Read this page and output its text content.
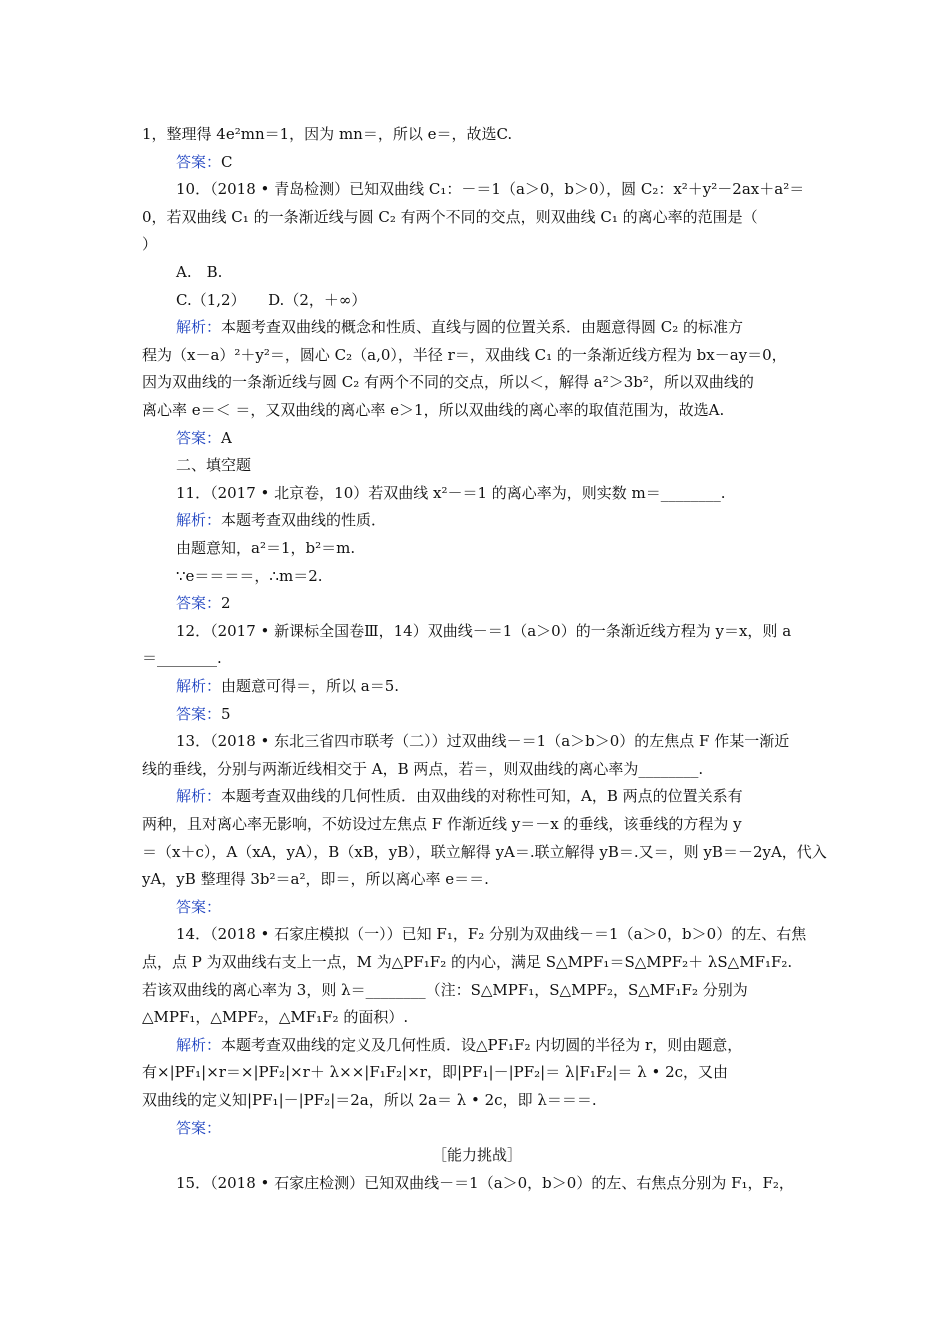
1，整理得 4e²mn＝1，因为 mn＝，所以 e＝，故选C.
答案：C
10．（2018 • 青岛检测）已知双曲线 C₁：－＝1（a＞0，b＞0），圆 C₂：x²＋y²－2ax＋a²＝
0，若双曲线 C₁ 的一条渐近线与圆 C₂ 有两个不同的交点，则双曲线 C₁ 的离心率的范围是（
）
A.　B.
C.（1,2）　　D.（2，＋∞）
解析：本题考查双曲线的概念和性质、直线与圆的位置关系．由题意得圆 C₂ 的标准方
程为（x－a）²＋y²＝，圆心 C₂（a,0），半径 r＝，双曲线 C₁ 的一条渐近线方程为 bx－ay＝0，
因为双曲线的一条渐近线与圆 C₂ 有两个不同的交点，所以＜，解得 a²＞3b²，所以双曲线的
离心率 e＝＜ ＝，又双曲线的离心率 e＞1，所以双曲线的离心率的取值范围为，故选A.
答案：A
二、填空题
11．（2017 • 北京卷，10）若双曲线 x²－＝1 的离心率为，则实数 m＝________.
解析：本题考查双曲线的性质．
由题意知，a²＝1，b²＝m.
∵e＝＝＝＝，∴m＝2.
答案：2
12．（2017 • 新课标全国卷Ⅲ，14）双曲线－＝1（a＞0）的一条渐近线方程为 y＝x，则 a
＝________.
解析：由题意可得＝，所以 a＝5.
答案：5
13．（2018 • 东北三省四市联考（二））过双曲线－＝1（a＞b＞0）的左焦点 F 作某一渐近
线的垂线，分别与两渐近线相交于 A，B 两点，若＝，则双曲线的离心率为________.
解析：本题考查双曲线的几何性质．由双曲线的对称性可知，A，B 两点的位置关系有
两种，且对离心率无影响，不妨设过左焦点 F 作渐近线 y＝－x 的垂线，该垂线的方程为 y
＝（x＋c），A（xA，yA），B（xB，yB），联立解得 yA＝.联立解得 yB＝.又＝，则 yB＝－2yA，代入
yA，yB 整理得 3b²＝a²，即＝，所以离心率 e＝＝.
答案：
14．（2018 • 石家庄模拟（一））已知 F₁，F₂ 分别为双曲线－＝1（a＞0，b＞0）的左、右焦
点，点 P 为双曲线右支上一点，M 为△PF₁F₂ 的内心，满足 S△MPF₁＝S△MPF₂＋ λS△MF₁F₂.
若该双曲线的离心率为 3，则 λ＝________（注：S△MPF₁，S△MPF₂，S△MF₁F₂ 分别为
△MPF₁，△MPF₂，△MF₁F₂ 的面积）.
解析：本题考查双曲线的定义及几何性质．设△PF₁F₂ 内切圆的半径为 r，则由题意，
有×|PF₁|×r＝×|PF₂|×r＋ λ××|F₁F₂|×r，即|PF₁|－|PF₂|＝ λ|F₁F₂|＝ λ • 2c，又由
双曲线的定义知|PF₁|－|PF₂|＝2a，所以 2a＝ λ • 2c，即 λ＝＝＝.
答案：
［能力挑战］
15．（2018 • 石家庄检测）已知双曲线－＝1（a＞0，b＞0）的左、右焦点分别为 F₁，F₂，
